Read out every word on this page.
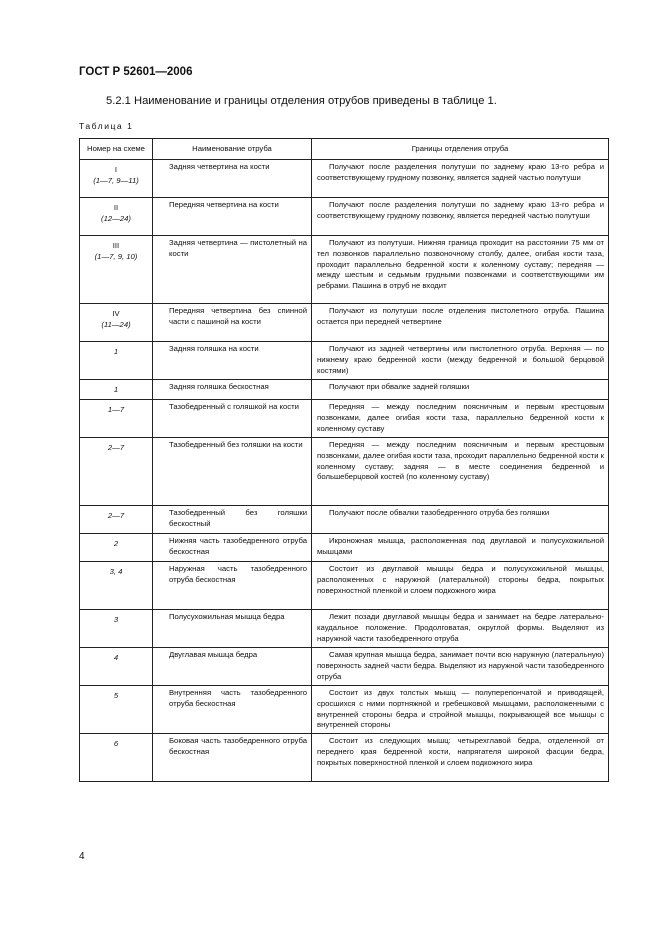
ГОСТ Р 52601—2006
5.2.1 Наименование и границы отделения отрубов приведены в таблице 1.
Таблица 1
Номер на схеме	Наименование отруба	Границы отделения отруба

I
(1—7, 9—11)	Задняя четвертина на кости	Получают после разделения полутуши по заднему краю 13-го ребра и соответствующему грудному позвонку, является задней частью полутуши

II
(12—24)	Передняя четвертина на кости	Получают после разделения полутуши по заднему краю 13-го ребра и соответствующему грудному позвонку, является передней частью полутуши

III
(1—7, 9, 10)	Задняя четвертина — пистолетный на кости	Получают из полутуши. Нижняя граница проходит на расстоянии 75 мм от тел позвонков параллельно позвоночному столбу, далее, огибая кости таза, проходит параллельно бедренной кости к коленному суставу; передняя — между шестым и седьмым грудными позвонками и соответствующими им ребрами. Пашина в отруб не входит

IV
(11—24)	Передняя четвертина без спинной части с пашиной на кости	Получают из полутуши после отделения пистолетного отруба. Пашина остается при передней четвертине

1	Задняя голяшка на кости	Получают из задней четвертины или пистолетного отруба. Верхняя — по нижнему краю бедренной кости (между бедренной и большой берцовой костями)

1	Задняя голяшка бескостная	Получают при обвалке задней голяшки

1—7	Тазобедренный с голяшкой на кости	Передняя — между последним поясничным и первым крестцовым позвонками, далее огибая кости таза, параллельно бедренной кости к коленному суставу

2—7	Тазобедренный без голяшки на кости	Передняя — между последним поясничным и первым крестцовым позвонками, далее огибая кости таза, проходит параллельно бедренной кости к коленному суставу; задняя — в месте соединения бедренной и большеберцовой костей (по коленному суставу)

2—7	Тазобедренный без голяшки бескостный	Получают после обвалки тазобедренного отруба без голяшки

2	Нижняя часть тазобедренного отруба бескостная	Икроножная мышца, расположенная под двуглавой и полусухожильной мышцами

3, 4	Наружная часть тазобедренного отруба бескостная	Состоит из двуглавой мышцы бедра и полусухожильной мышцы, расположенных с наружной (латеральной) стороны бедра, покрытых поверхностной пленкой и слоем подкожного жира

3	Полусухожильная мышца бедра	Лежит позади двуглавой мышцы бедра и занимает на бедре латерально-каудальное положение. Продолговатая, округлой формы. Выделяют из наружной части тазобедренного отруба

4	Двуглавая мышца бедра	Самая крупная мышца бедра, занимает почти всю наружную (латеральную) поверхность задней части бедра. Выделяют из наружной части тазобедренного отруба

5	Внутренняя часть тазобедренного отруба бескостная	Состоит из двух толстых мышц — полуперепончатой и приводящей, сросшихся с ними портняжной и гребешковой мышцами, расположенными с внутренней стороны бедра и стройной мышцы, покрывающей все мышцы с внутренней стороны

6	Боковая часть тазобедренного отруба бескостная	Состоит из следующих мышц: четырехглавой бедра, отделенной от переднего края бедренной кости, напрягателя широкой фасции бедра, покрытых поверхностной пленкой и слоем подкожного жира
4
